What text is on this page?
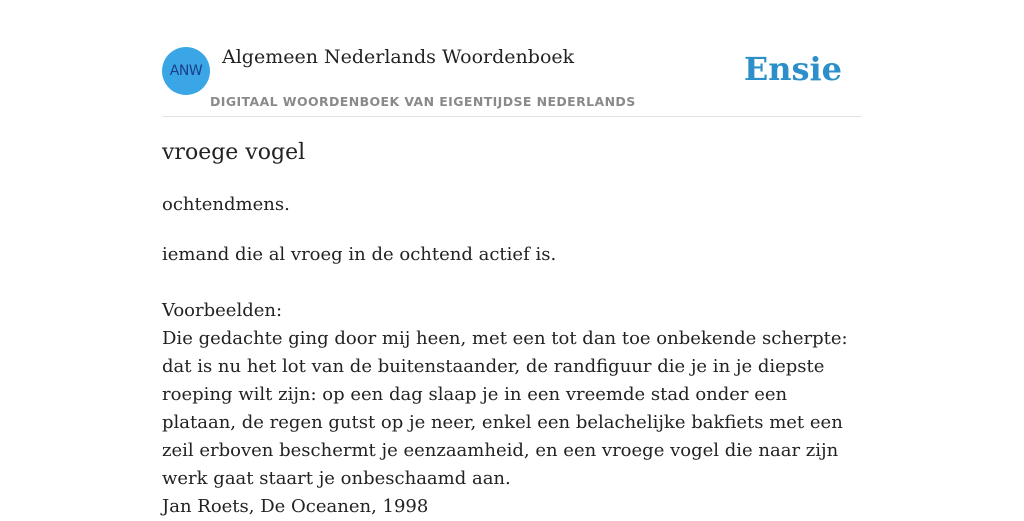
ANW
Algemeen Nederlands Woordenboek
DIGITAAL WOORDENBOEK VAN EIGENTIJDSE NEDERLANDS
Ensie
vroege vogel
ochtendmens.

iemand die al vroeg in de ochtend actief is.

Voorbeelden:

Die gedachte ging door mij heen, met een tot dan toe onbekende scherpte: dat is nu het lot van de buitenstaander, de randfiguur die je in je diepste roeping wilt zijn: op een dag slaap je in een vreemde stad onder een plataan, de regen gutst op je neer, enkel een belachelijke bakfiets met een zeil erboven beschermt je eenzaamheid, en een vroege vogel die naar zijn werk gaat staart je onbeschaamd aan.

Jan Roets, De Oceanen, 1998
